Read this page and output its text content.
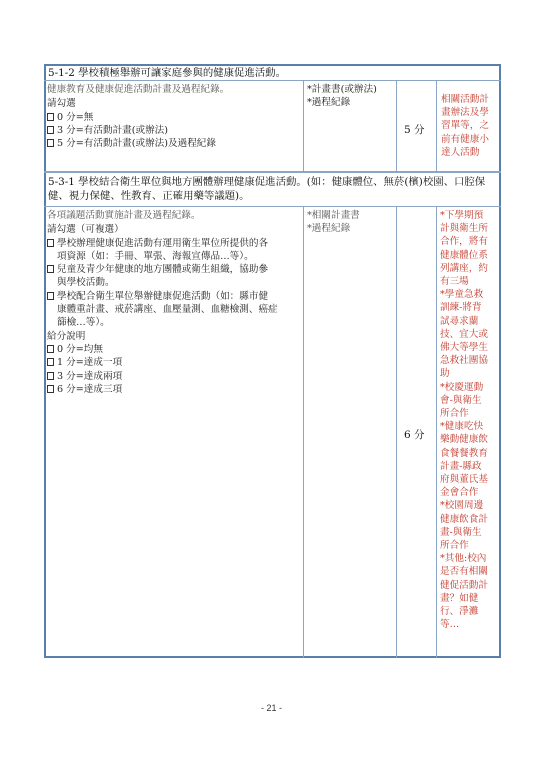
5-1-2 學校積極舉辦可讓家庭參與的健康促進活動。
健康教育及健康促進活動計畫及過程紀錄。
請勾選
0 分=無
3 分=有活動計畫(或辦法)
5 分=有活動計畫(或辦法)及過程紀錄
*計畫書(或辦法)
*過程紀錄
5 分
相關活動計
畫辦法及學
習單等，之
前有健康小
達人活動
5-3-1 學校結合衛生單位與地方團體辦理健康促進活動。(如：健康體位、無菸(檳)校園、口腔保
健、視力保健、性教育、正確用藥等議題)。
各項議題活動實施計畫及過程紀錄。
請勾選（可複選）
學校辦理健康促進活動有運用衛生單位所提供的各
項資源（如：手冊、單張、海報宣傳品…等）。
兒童及青少年健康的地方團體或衛生組織，協助參
與學校活動。
學校配合衛生單位舉辦健康促進活動（如：縣市健
康體重計畫、戒菸講座、血壓量測、血糖檢測、癌症
篩檢…等）。
給分說明
0 分=均無
1 分=達成一項
3 分=達成兩項
6 分=達成三項
*相關計畫書
*過程紀錄
6 分
*下學期預
計與衛生所
合作，將有
健康體位系
列講座，約
有三場
*學童急救
訓練-將背
試尋求蘭
技、宜大或
佛大等學生
急救社團協
助
*校慶運動
會-與衛生
所合作
*健康吃快
樂動健康飲
食餐餐教育
計畫-縣政
府與董氏基
金會合作
*校園周邊
健康飲食計
畫-與衛生
所合作
*其他:校內
是否有相關
健促活動計
畫？如健
行、淨灘
等…
- 21 -
